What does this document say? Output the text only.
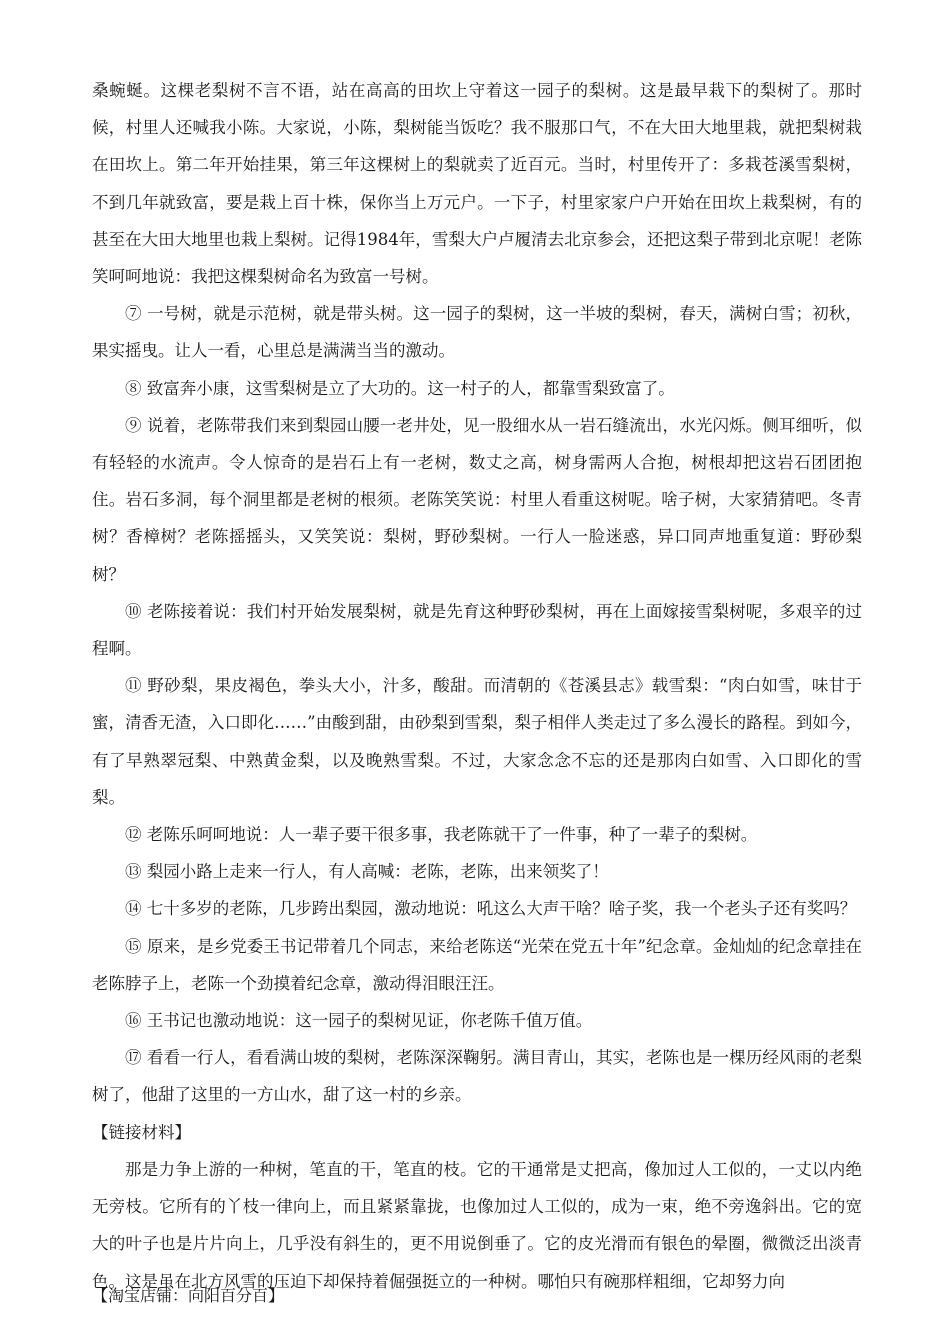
桑蜿蜒。这棵老梨树不言不语，站在高高的田坎上守着这一园子的梨树。这是最早栽下的梨树了。那时候，村里人还喊我小陈。大家说，小陈，梨树能当饭吃？我不服那口气，不在大田大地里栽，就把梨树栽在田坎上。第二年开始挂果，第三年这棵树上的梨就卖了近百元。当时，村里传开了：多栽苍溪雪梨树，不到几年就致富，要是栽上百十株，保你当上万元户。一下子，村里家家户户开始在田坎上栽梨树，有的甚至在大田大地里也栽上梨树。记得1984年，雪梨大户卢履清去北京参会，还把这梨子带到北京呢！老陈笑呵呵地说：我把这棵梨树命名为致富一号树。

⑦ 一号树，就是示范树，就是带头树。这一园子的梨树，这一半坡的梨树，春天，满树白雪；初秋，果实摇曳。让人一看，心里总是满满当当的激动。

⑧ 致富奔小康，这雪梨树是立了大功的。这一村子的人，都靠雪梨致富了。

⑨ 说着，老陈带我们来到梨园山腰一老井处，见一股细水从一岩石缝流出，水光闪烁。侧耳细听，似有轻轻的水流声。令人惊奇的是岩石上有一老树，数丈之高，树身需两人合抱，树根却把这岩石团团抱住。岩石多洞，每个洞里都是老树的根须。老陈笑笑说：村里人看重这树呢。啥子树，大家猜猜吧。冬青树？香樟树？老陈摇摇头，又笑笑说：梨树，野砂梨树。一行人一脸迷惑，异口同声地重复道：野砂梨树？

⑩ 老陈接着说：我们村开始发展梨树，就是先育这种野砂梨树，再在上面嫁接雪梨树呢，多艰辛的过程啊。

⑪ 野砂梨，果皮褐色，拳头大小，汁多，酸甜。而清朝的《苍溪县志》载雪梨：“肉白如雪，味甘于蜜，清香无渣，入口即化……”由酸到甜，由砂梨到雪梨，梨子相伴人类走过了多么漫长的路程。到如今，有了早熟翠冠梨、中熟黄金梨，以及晚熟雪梨。不过，大家念念不忘的还是那肉白如雪、入口即化的雪梨。

⑫ 老陈乐呵呵地说：人一辈子要干很多事，我老陈就干了一件事，种了一辈子的梨树。

⑬ 梨园小路上走来一行人，有人高喊：老陈，老陈，出来领奖了！

⑭ 七十多岁的老陈，几步跨出梨园，激动地说：吼这么大声干啥？啥子奖，我一个老头子还有奖吗？

⑮ 原来，是乡党委王书记带着几个同志，来给老陈送“光荣在党五十年”纪念章。金灿灿的纪念章挂在老陈脖子上，老陈一个劲摸着纪念章，激动得泪眼汪汪。

⑯ 王书记也激动地说：这一园子的梨树见证，你老陈千值万值。

⑰ 看看一行人，看看满山坡的梨树，老陈深深鞠躬。满目青山，其实，老陈也是一棵历经风雨的老梨树了，他甜了这里的一方山水，甜了这一村的乡亲。

【链接材料】

那是力争上游的一种树，笔直的干，笔直的枝。它的干通常是丈把高，像加过人工似的，一丈以内绝无旁枝。它所有的丫枝一律向上，而且紧紧靠拢，也像加过人工似的，成为一束，绝不旁逸斜出。它的宽大的叶子也是片片向上，几乎没有斜生的，更不用说倒垂了。它的皮光滑而有银色的晕圈，微微泛出淡青色。这是虽在北方风雪的压迫下却保持着倔强挺立的一种树。哪怕只有碗那样粗细，它却努力向

【淘宝店铺：向阳百分百】
